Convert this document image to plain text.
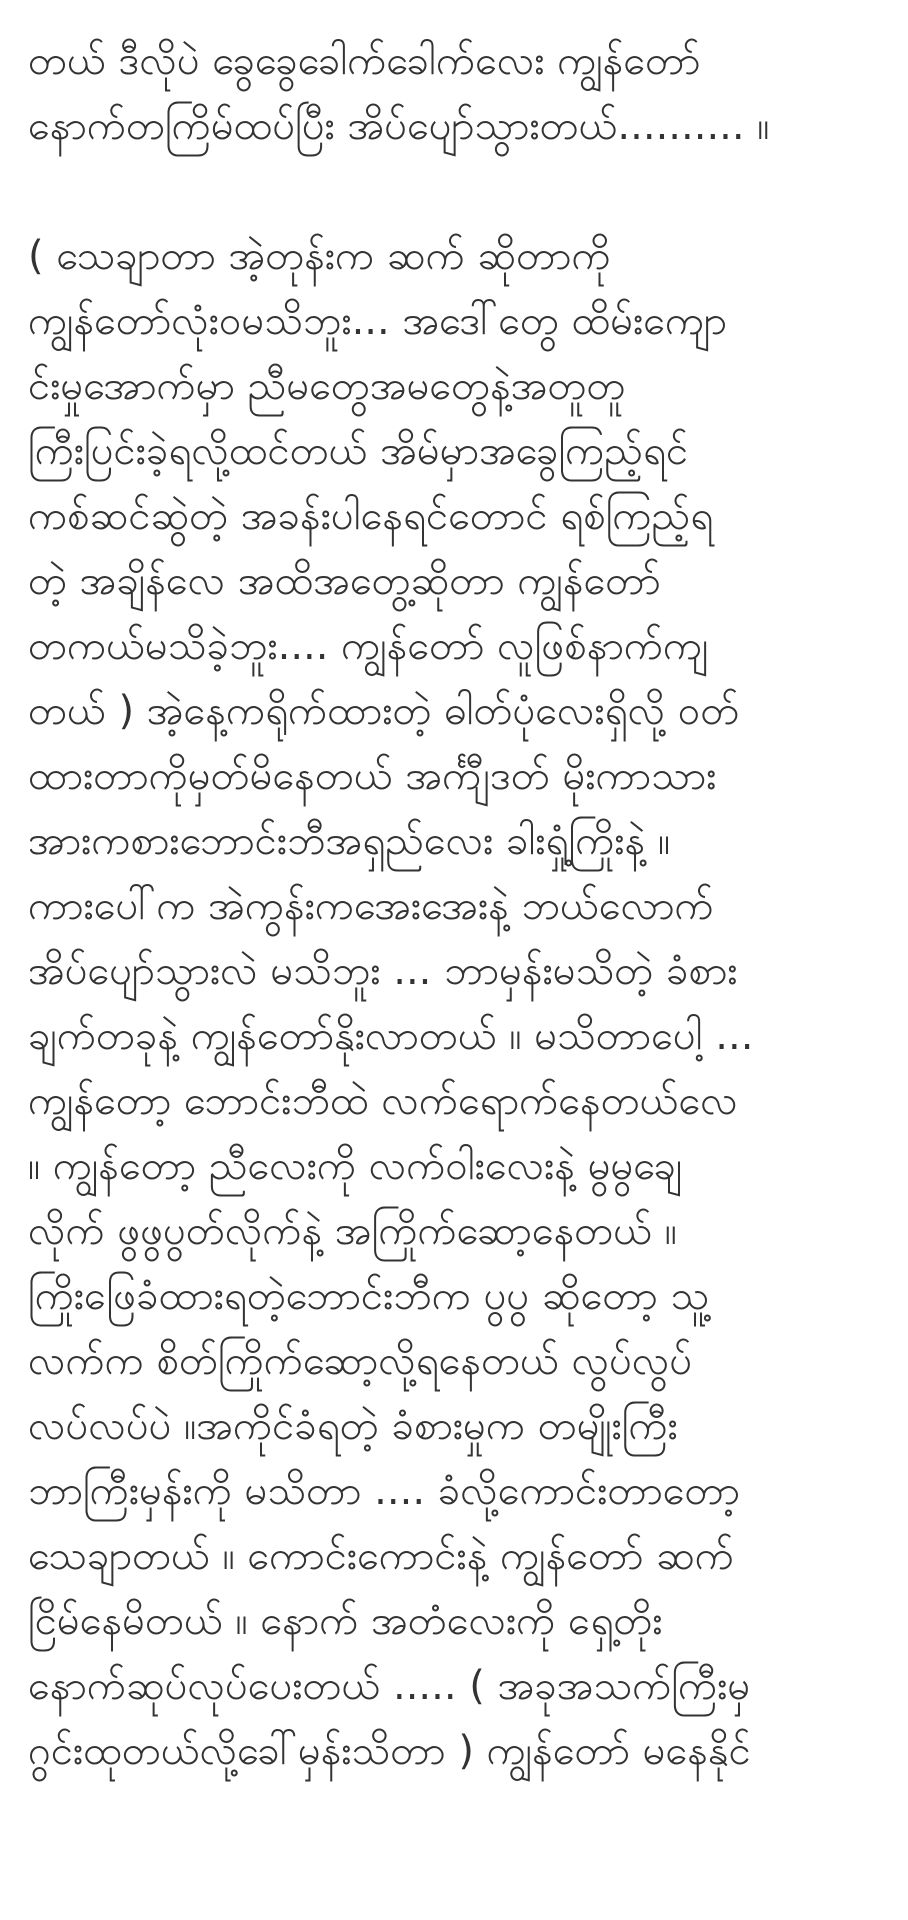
တယ် ဒီလိုပဲ ခွေခွေခေါက်ခေါက်လေး ကျွန်တော်
နောက်တကြိမ်ထပ်ပြီး အိပ်ပျော်သွားတယ်.......... ။
( သေချာတာ အဲ့တုန်းက ဆက် ဆိုတာကို
ကျွန်တော်လုံးဝမသိဘူး... အဒေါ်တွေ ထိမ်းကျော
င်းမှုအောက်မှာ ညီမတွေအမတွေနဲ့အတူတူ
ကြီးပြင်းခဲ့ရလို့ထင်တယ် အိမ်မှာအခွေကြည့်ရင်
ကစ်ဆင်ဆွဲတဲ့ အခန်းပါနေရင်တောင် ရစ်ကြည့်ရ
တဲ့ အချိန်လေ အထိအတွေ့ဆိုတာ ကျွန်တော်
တကယ်မသိခဲ့ဘူး.... ကျွန်တော် လူဖြစ်နာက်ကျ
တယ် ) အဲ့နေ့ကရိုက်ထားတဲ့ ဓါတ်ပုံလေးရှိလို့ ဝတ်
ထားတာကိုမှတ်မိနေတယ် အင်္ကျီဒတ် မိုးကာသား
အားကစားဘောင်းဘီအရှည်လေး ခါးရှုံ့ကြိုးနဲ့ ။
ကားပေါ်က အဲကွန်းကအေးအေးနဲ့ ဘယ်လောက်
အိပ်ပျော်သွားလဲ မသိဘူး ... ဘာမှန်းမသိတဲ့ ခံစား
ချက်တခုနဲ့ ကျွန်တော်နိုးလာတယ် ။ မသိတာပေါ့ ...
ကျွန်တော့ ဘောင်းဘီထဲ လက်ရောက်နေတယ်လေ
။ ကျွန်တော့ ညီလေးကို လက်ဝါးလေးနဲ့ မွမွချေ
လိုက် ဖွဖွပွတ်လိုက်နဲ့ အကြိုက်ဆော့နေတယ် ။
ကြိုးဖြေခံထားရတဲ့ဘောင်းဘီက ပွပွ ဆိုတော့ သူ့
လက်က စိတ်ကြိုက်ဆော့လို့ရနေတယ် လွပ်လွပ်
လပ်လပ်ပဲ ။အကိုင်ခံရတဲ့ ခံစားမှုက တမျိုးကြီး
ဘာကြီးမှန်းကို မသိတာ .... ခံလို့ကောင်းတာတော့
သေချာတယ် ။ ကောင်းကောင်းနဲ့ ကျွန်တော် ဆက်
ငြိမ်နေမိတယ် ။ နောက် အတံလေးကို ရှေ့တိုး
နောက်ဆုပ်လုပ်ပေးတယ် ..... ( အခုအသက်ကြီးမှ
ဂွင်းထုတယ်လို့ခေါ်မှန်းသိတာ ) ကျွန်တော် မနေနိုင်
